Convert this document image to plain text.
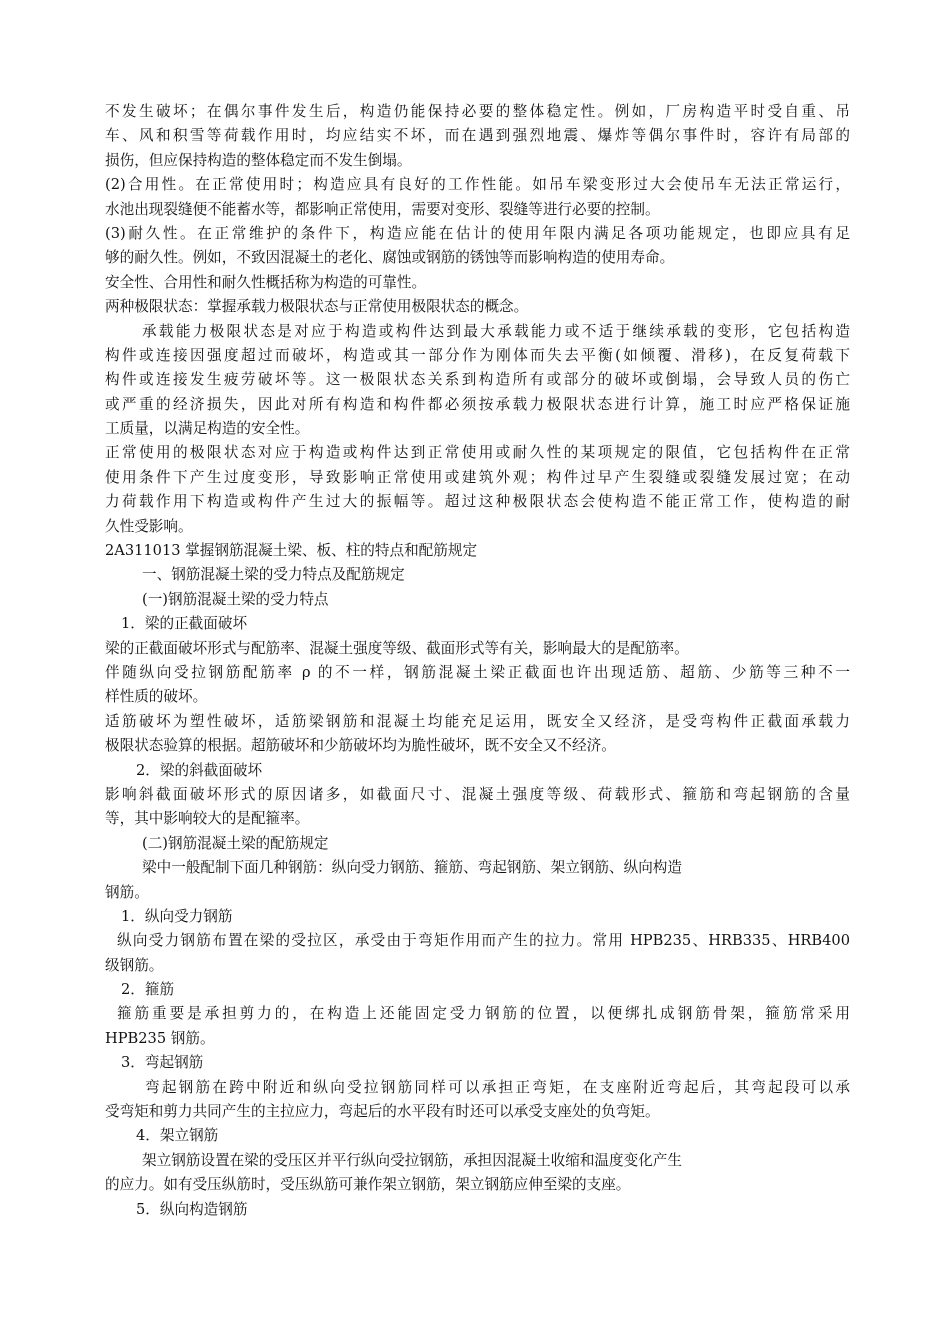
不发生破坏；在偶尔事件发生后，构造仍能保持必要的整体稳定性。例如，厂房构造平时受自重、吊
车、风和积雪等荷载作用时，均应结实不坏，而在遇到强烈地震、爆炸等偶尔事件时，容许有局部的
损伤，但应保持构造的整体稳定而不发生倒塌。
(2)合用性。在正常使用时；构造应具有良好的工作性能。如吊车梁变形过大会使吊车无法正常运行，
水池出现裂缝便不能蓄水等，都影响正常使用，需要对变形、裂缝等进行必要的控制。
(3)耐久性。在正常维护的条件下，构造应能在估计的使用年限内满足各项功能规定，也即应具有足
够的耐久性。例如，不致因混凝土的老化、腐蚀或钢筋的锈蚀等而影响构造的使用寿命。
安全性、合用性和耐久性概括称为构造的可靠性。
两种极限状态：掌握承载力极限状态与正常使用极限状态的概念。
承载能力极限状态是对应于构造或构件达到最大承载能力或不适于继续承载的变形，它包括构造
构件或连接因强度超过而破坏，构造或其一部分作为刚体而失去平衡(如倾覆、滑移)，在反复荷载下
构件或连接发生疲劳破坏等。这一极限状态关系到构造所有或部分的破坏或倒塌，会导致人员的伤亡
或严重的经济损失，因此对所有构造和构件都必须按承载力极限状态进行计算，施工时应严格保证施
工质量，以满足构造的安全性。
正常使用的极限状态对应于构造或构件达到正常使用或耐久性的某项规定的限值，它包括构件在正常
使用条件下产生过度变形，导致影响正常使用或建筑外观；构件过早产生裂缝或裂缝发展过宽；在动
力荷载作用下构造或构件产生过大的振幅等。超过这种极限状态会使构造不能正常工作，使构造的耐
久性受影响。
2A311013 掌握钢筋混凝土梁、板、柱的特点和配筋规定
一、钢筋混凝土梁的受力特点及配筋规定
(一)钢筋混凝土梁的受力特点
1．梁的正截面破坏
梁的正截面破坏形式与配筋率、混凝土强度等级、截面形式等有关，影响最大的是配筋率。
伴随纵向受拉钢筋配筋率 ρ 的不一样，钢筋混凝土梁正截面也许出现适筋、超筋、少筋等三种不一
样性质的破坏。
适筋破坏为塑性破坏，适筋梁钢筋和混凝土均能充足运用，既安全又经济，是受弯构件正截面承载力
极限状态验算的根据。超筋破坏和少筋破坏均为脆性破坏，既不安全又不经济。
2．梁的斜截面破坏
影响斜截面破坏形式的原因诸多，如截面尺寸、混凝土强度等级、荷载形式、箍筋和弯起钢筋的含量
等，其中影响较大的是配箍率。
(二)钢筋混凝土梁的配筋规定
梁中一般配制下面几种钢筋：纵向受力钢筋、箍筋、弯起钢筋、架立钢筋、纵向构造
钢筋。
1．纵向受力钢筋
纵向受力钢筋布置在梁的受拉区，承受由于弯矩作用而产生的拉力。常用 HPB235、HRB335、HRB400
级钢筋。
2．箍筋
箍筋重要是承担剪力的，在构造上还能固定受力钢筋的位置，以便绑扎成钢筋骨架，箍筋常采用
HPB235 钢筋。
3．弯起钢筋
弯起钢筋在跨中附近和纵向受拉钢筋同样可以承担正弯矩，在支座附近弯起后，其弯起段可以承
受弯矩和剪力共同产生的主拉应力，弯起后的水平段有时还可以承受支座处的负弯矩。
4．架立钢筋
架立钢筋设置在梁的受压区并平行纵向受拉钢筋，承担因混凝土收缩和温度变化产生
的应力。如有受压纵筋时，受压纵筋可兼作架立钢筋，架立钢筋应伸至梁的支座。
5．纵向构造钢筋
